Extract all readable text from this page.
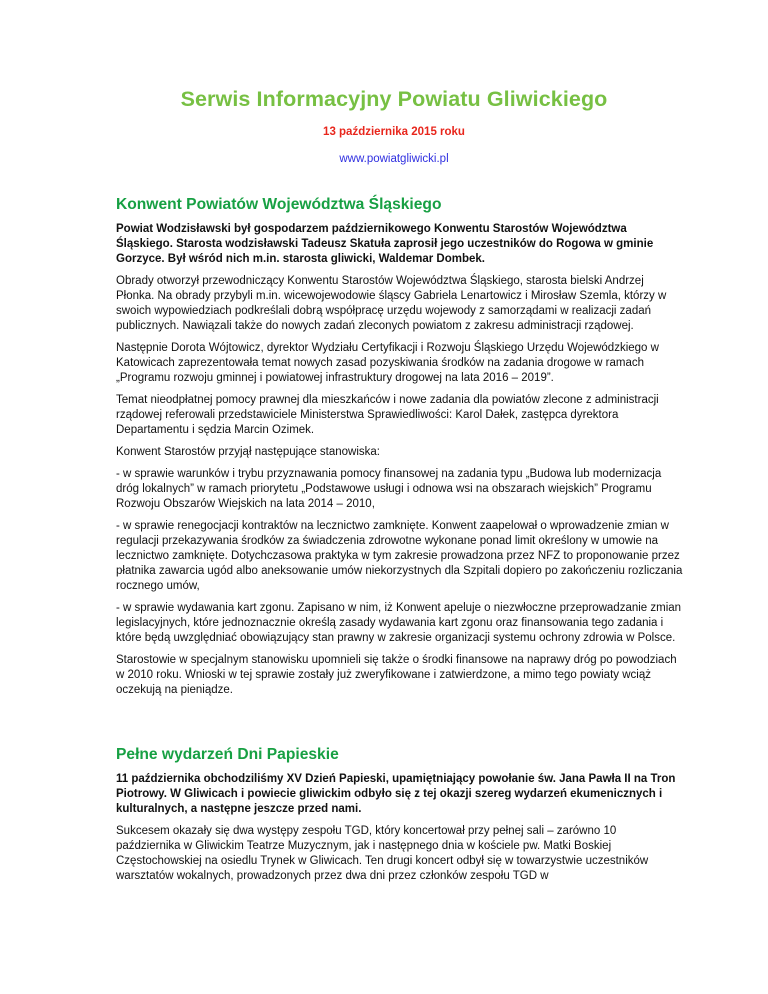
Serwis Informacyjny Powiatu Gliwickiego
13 października 2015 roku
www.powiatgliwicki.pl
Konwent Powiatów Województwa Śląskiego

Powiat Wodzisławski był gospodarzem październikowego Konwentu Starostów Województwa Śląskiego. Starosta wodzisławski Tadeusz Skatuła zaprosił jego uczestników do Rogowa w gminie Gorzyce. Był wśród nich m.in. starosta gliwicki, Waldemar Dombek.

Obrady otworzył przewodniczący Konwentu Starostów Województwa Śląskiego, starosta bielski Andrzej Płonka. Na obrady przybyli m.in. wicewojewodowie śląscy Gabriela Lenartowicz i Mirosław Szemla, którzy w swoich wypowiedziach podkreślali dobrą współpracę urzędu wojewody z samorządami w realizacji zadań publicznych. Nawiązali także do nowych zadań zleconych powiatom z zakresu administracji rządowej.

Następnie Dorota Wójtowicz, dyrektor Wydziału Certyfikacji i Rozwoju Śląskiego Urzędu Wojewódzkiego w Katowicach zaprezentowała temat nowych zasad pozyskiwania środków na zadania drogowe w ramach „Programu rozwoju gminnej i powiatowej infrastruktury drogowej na lata 2016 – 2019”.

Temat nieodpłatnej pomocy prawnej dla mieszkańców i nowe zadania dla powiatów zlecone z administracji rządowej referowali przedstawiciele Ministerstwa Sprawiedliwości: Karol Dałek, zastępca dyrektora Departamentu i sędzia Marcin Ozimek.

Konwent Starostów przyjął następujące stanowiska:

- w sprawie warunków i trybu przyznawania pomocy finansowej na zadania typu „Budowa lub modernizacja dróg lokalnych” w ramach priorytetu „Podstawowe usługi i odnowa wsi na obszarach wiejskich” Programu Rozwoju Obszarów Wiejskich na lata 2014 – 2010,

- w sprawie renegocjacji kontraktów na lecznictwo zamknięte. Konwent zaapelował o wprowadzenie zmian w regulacji przekazywania środków za świadczenia zdrowotne wykonane ponad limit określony w umowie na lecznictwo zamknięte. Dotychczasowa praktyka w tym zakresie prowadzona przez NFZ to proponowanie przez płatnika zawarcia ugód albo aneksowanie umów niekorzystnych dla Szpitali dopiero po zakończeniu rozliczania rocznego umów,

- w sprawie wydawania kart zgonu. Zapisano w nim, iż Konwent apeluje o niezwłoczne przeprowadzanie zmian legislacyjnych, które jednoznacznie określą zasady wydawania kart zgonu oraz finansowania tego zadania i które będą uwzględniać obowiązujący stan prawny w zakresie organizacji systemu ochrony zdrowia w Polsce.

Starostowie w specjalnym stanowisku upomnieli się także o środki finansowe na naprawy dróg po powodziach w 2010 roku. Wnioski w tej sprawie zostały już zweryfikowane i zatwierdzone, a mimo tego powiaty wciąż oczekują na pieniądze.

Pełne wydarzeń Dni Papieskie

11 października obchodziliśmy XV Dzień Papieski, upamiętniający powołanie św. Jana Pawła II na Tron Piotrowy. W Gliwicach i powiecie gliwickim odbyło się z tej okazji szereg wydarzeń ekumenicznych i kulturalnych, a następne jeszcze przed nami.

Sukcesem okazały się dwa występy zespołu TGD, który koncertował przy pełnej sali – zarówno 10 października w Gliwickim Teatrze Muzycznym, jak i następnego dnia w kościele pw. Matki Boskiej Częstochowskiej na osiedlu Trynek w Gliwicach. Ten drugi koncert odbył się w towarzystwie uczestników warsztatów wokalnych, prowadzonych przez dwa dni przez członków zespołu TGD w
